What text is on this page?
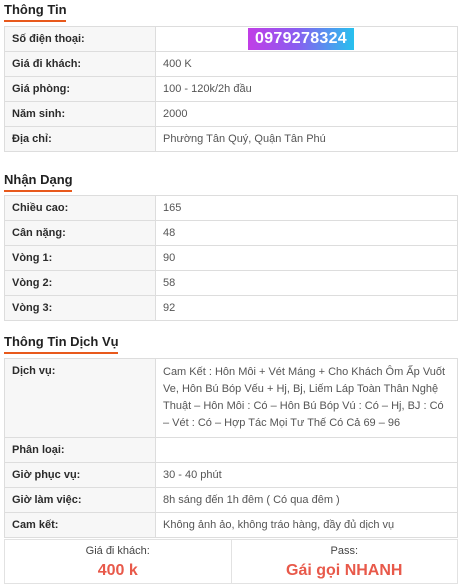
Thông Tin
Số điện thoại:	0979278324
Giá đi khách:	400 K
Giá phòng:	100 - 120k/2h đầu
Năm sinh:	2000
Địa chỉ:	Phường Tân Quý, Quận Tân Phú
Nhận Dạng
Chiều cao:	165
Cân nặng:	48
Vòng 1:	90
Vòng 2:	58
Vòng 3:	92
Thông Tin Dịch Vụ
Dịch vụ:	Cam Kết : Hôn Môi + Vét Máng + Cho Khách Ôm Ấp Vuốt Ve, Hôn Bú Bóp Vếu + Hj, Bj, Liếm Láp Toàn Thân Nghệ Thuật – Hôn Môi : Có – Hôn Bú Bóp Vú : Có – Hj, BJ : Có – Vét : Có – Hợp Tác Mọi Tư Thế Có Cả 69 – 96
Phân loại:	
Giờ phục vụ:	30 - 40 phút
Giờ làm việc:	8h sáng đến 1h đêm ( Có qua đêm )
Cam kết:	Không ảnh ảo, không tráo hàng, đầy đủ dịch vụ
Giá đi khách:
400 k
Pass:
Gái gọi NHANH
